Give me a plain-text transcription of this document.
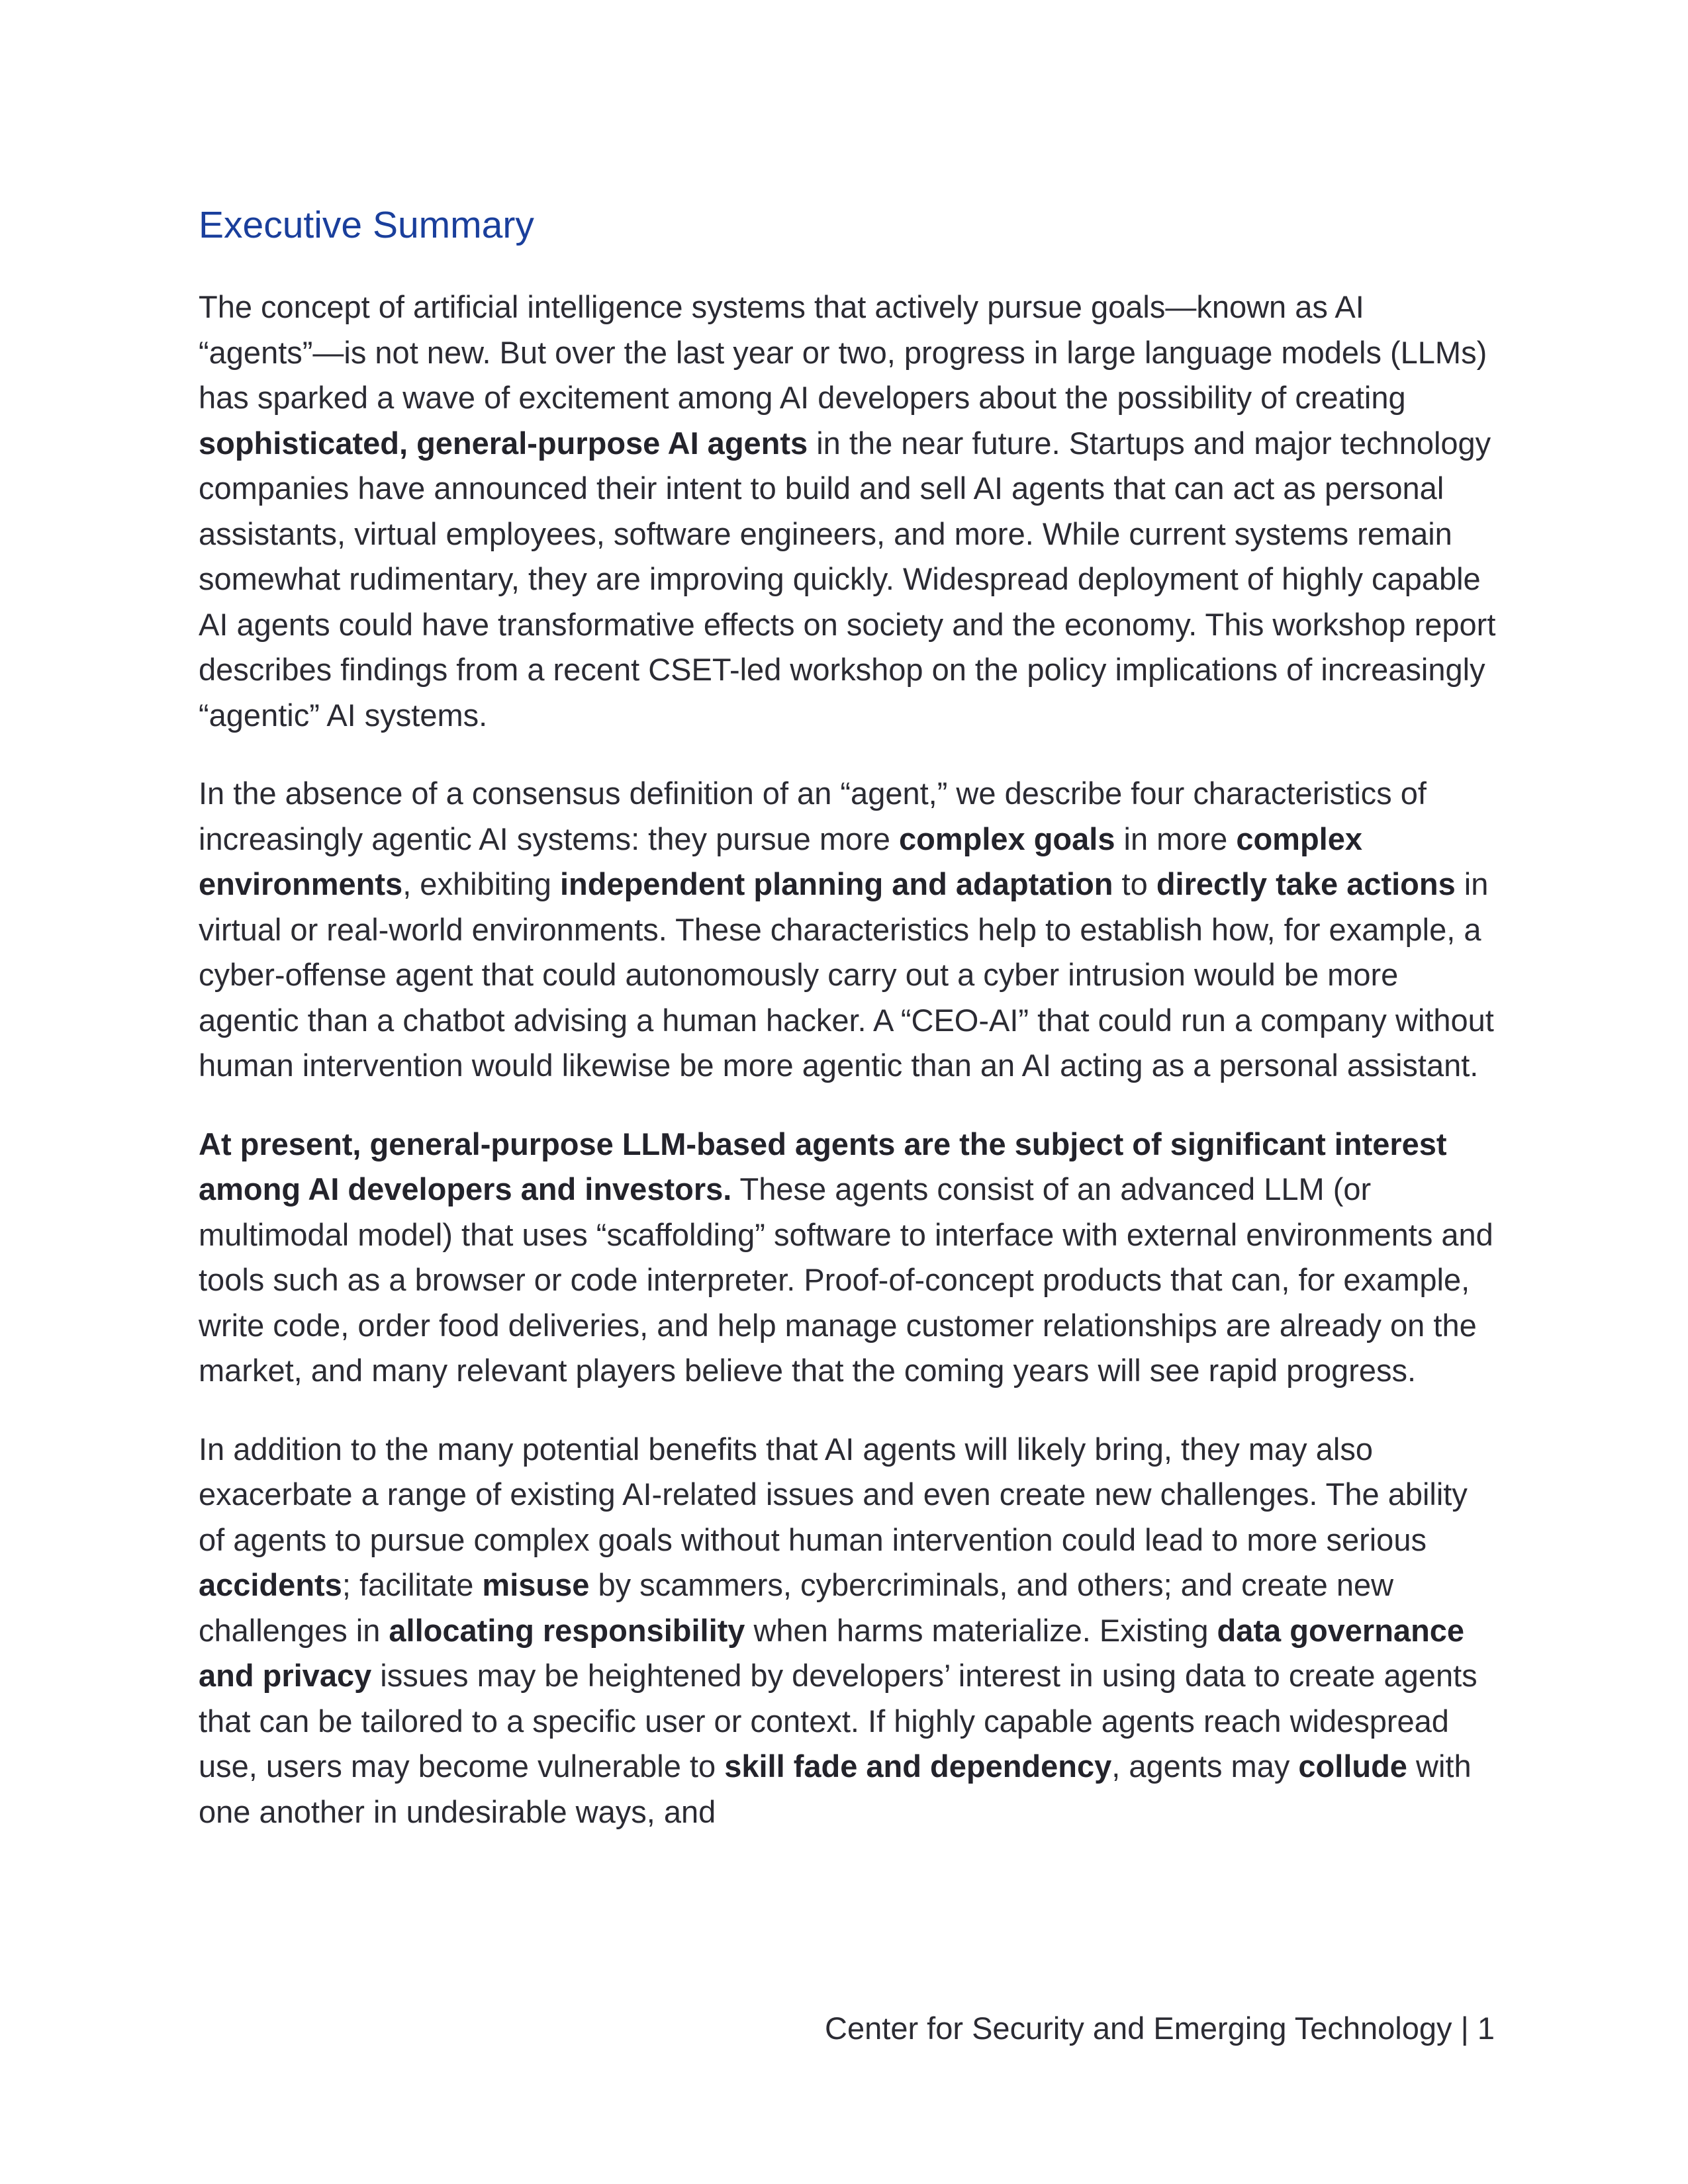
Executive Summary

The concept of artificial intelligence systems that actively pursue goals—known as AI “agents”—is not new. But over the last year or two, progress in large language models (LLMs) has sparked a wave of excitement among AI developers about the possibility of creating sophisticated, general-purpose AI agents in the near future. Startups and major technology companies have announced their intent to build and sell AI agents that can act as personal assistants, virtual employees, software engineers, and more. While current systems remain somewhat rudimentary, they are improving quickly. Widespread deployment of highly capable AI agents could have transformative effects on society and the economy. This workshop report describes findings from a recent CSET-led workshop on the policy implications of increasingly “agentic” AI systems.

In the absence of a consensus definition of an “agent,” we describe four characteristics of increasingly agentic AI systems: they pursue more complex goals in more complex environments, exhibiting independent planning and adaptation to directly take actions in virtual or real-world environments. These characteristics help to establish how, for example, a cyber-offense agent that could autonomously carry out a cyber intrusion would be more agentic than a chatbot advising a human hacker. A “CEO-AI” that could run a company without human intervention would likewise be more agentic than an AI acting as a personal assistant.

At present, general-purpose LLM-based agents are the subject of significant interest among AI developers and investors. These agents consist of an advanced LLM (or multimodal model) that uses “scaffolding” software to interface with external environments and tools such as a browser or code interpreter. Proof-of-concept products that can, for example, write code, order food deliveries, and help manage customer relationships are already on the market, and many relevant players believe that the coming years will see rapid progress.

In addition to the many potential benefits that AI agents will likely bring, they may also exacerbate a range of existing AI-related issues and even create new challenges. The ability of agents to pursue complex goals without human intervention could lead to more serious accidents; facilitate misuse by scammers, cybercriminals, and others; and create new challenges in allocating responsibility when harms materialize. Existing data governance and privacy issues may be heightened by developers’ interest in using data to create agents that can be tailored to a specific user or context. If highly capable agents reach widespread use, users may become vulnerable to skill fade and dependency, agents may collude with one another in undesirable ways, and

Center for Security and Emerging Technology | 1
